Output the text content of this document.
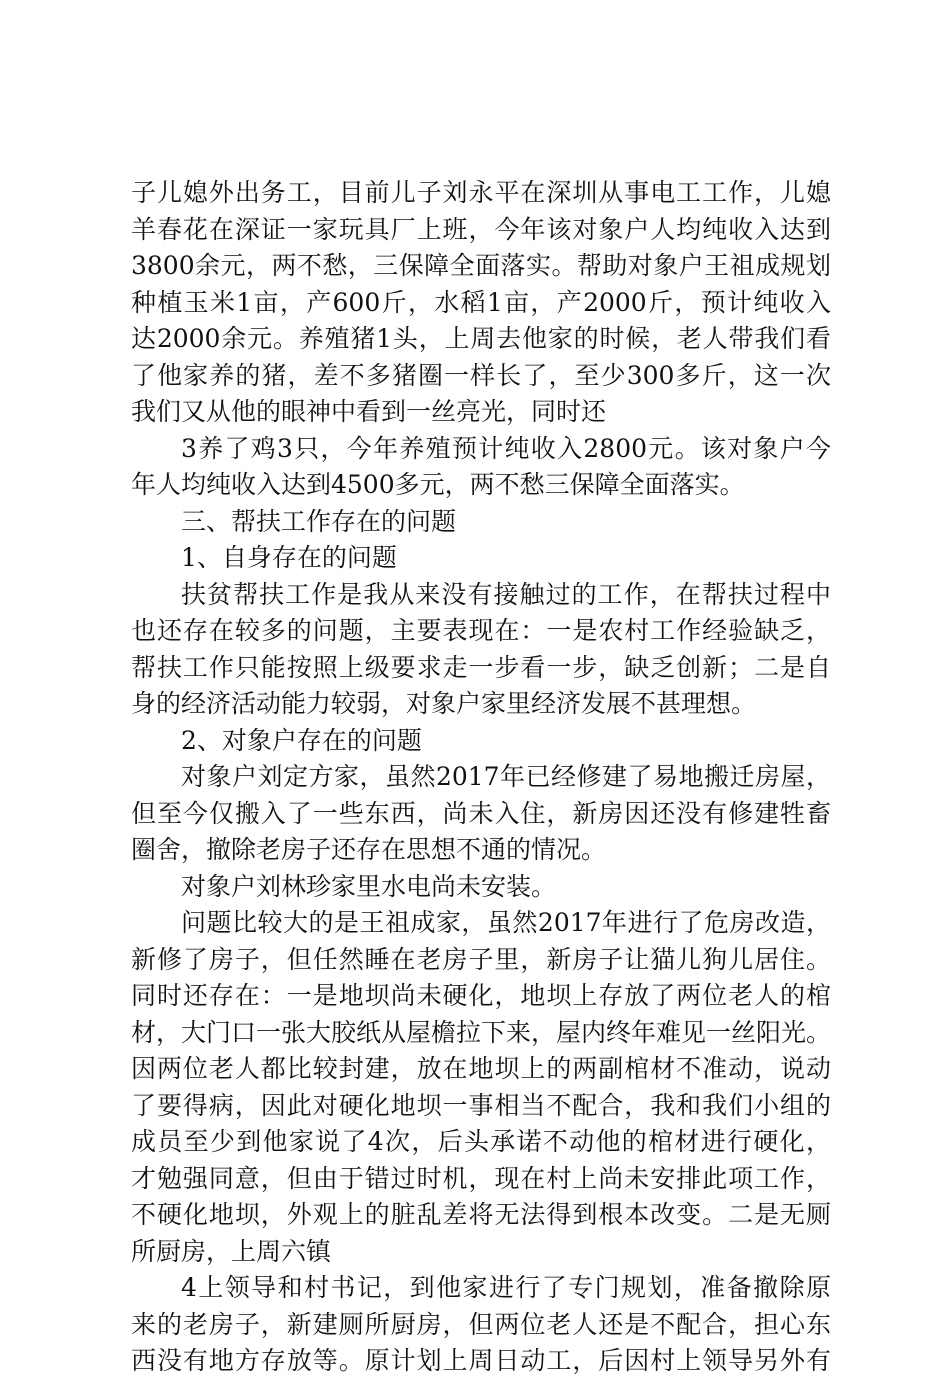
子儿媳外出务工，目前儿子刘永平在深圳从事电工工作，儿媳
羊春花在深证一家玩具厂上班，今年该对象户人均纯收入达到
3800余元，两不愁，三保障全面落实。帮助对象户王祖成规划
种植玉米1亩，产600斤，水稻1亩，产2000斤，预计纯收入
达2000余元。养殖猪1头，上周去他家的时候，老人带我们看
了他家养的猪，差不多猪圈一样长了，至少300多斤，这一次
我们又从他的眼神中看到一丝亮光，同时还
3养了鸡3只，今年养殖预计纯收入2800元。该对象户今
年人均纯收入达到4500多元，两不愁三保障全面落实。
三、帮扶工作存在的问题
1、自身存在的问题
扶贫帮扶工作是我从来没有接触过的工作，在帮扶过程中
也还存在较多的问题，主要表现在：一是农村工作经验缺乏，
帮扶工作只能按照上级要求走一步看一步，缺乏创新；二是自
身的经济活动能力较弱，对象户家里经济发展不甚理想。
2、对象户存在的问题
对象户刘定方家，虽然2017年已经修建了易地搬迁房屋，
但至今仅搬入了一些东西，尚未入住，新房因还没有修建牲畜
圈舍，撤除老房子还存在思想不通的情况。
对象户刘林珍家里水电尚未安装。
问题比较大的是王祖成家，虽然2017年进行了危房改造，
新修了房子，但任然睡在老房子里，新房子让猫儿狗儿居住。
同时还存在：一是地坝尚未硬化，地坝上存放了两位老人的棺
材，大门口一张大胶纸从屋檐拉下来，屋内终年难见一丝阳光。
因两位老人都比较封建，放在地坝上的两副棺材不准动，说动
了要得病，因此对硬化地坝一事相当不配合，我和我们小组的
成员至少到他家说了4次，后头承诺不动他的棺材进行硬化，
才勉强同意，但由于错过时机，现在村上尚未安排此项工作，
不硬化地坝，外观上的脏乱差将无法得到根本改变。二是无厕
所厨房，上周六镇
4上领导和村书记，到他家进行了专门规划，准备撤除原
来的老房子，新建厕所厨房，但两位老人还是不配合，担心东
西没有地方存放等。原计划上周日动工，后因村上领导另外有
